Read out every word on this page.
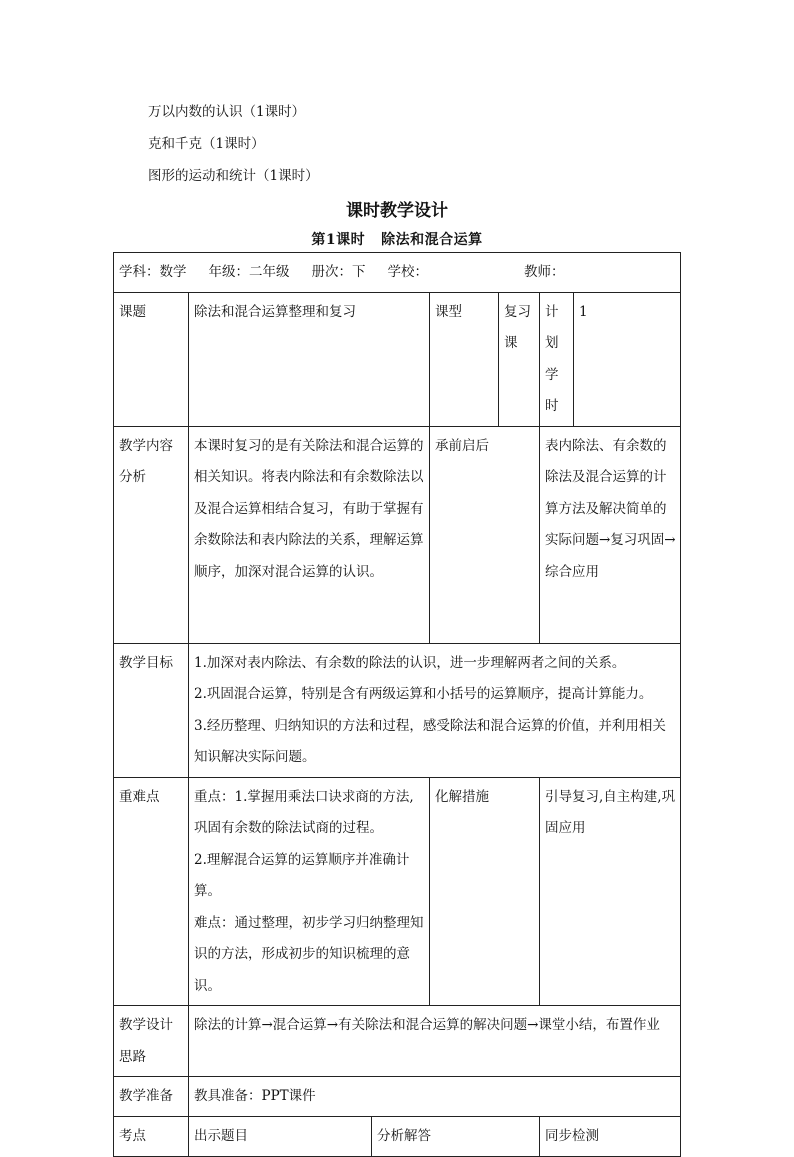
万以内数的认识（1课时）
克和千克（1课时）
图形的运动和统计（1课时）
课时教学设计
第1课时 除法和混合运算
学科：数学 年级：二年级 册次：下 学校： 教师：						
课题	除法和混合运算整理和复习		课型	复习课	计划学时	1
教学内容分析	本课时复习的是有关除法和混合运算的相关知识。将表内除法和有余数除法以及混合运算相结合复习，有助于掌握有余数除法和表内除法的关系，理解运算顺序，加深对混合运算的认识。		承前启后		表内除法、有余数的除法及混合运算的计算方法及解决简单的实际问题→复习巩固→综合应用	
教学目标	1.加深对表内除法、有余数的除法的认识，进一步理解两者之间的关系。
2.巩固混合运算，特别是含有两级运算和小括号的运算顺序，提高计算能力。
3.经历整理、归纳知识的方法和过程，感受除法和混合运算的价值，并利用相关知识解决实际问题。					

重难点	重点：1.掌握用乘法口诀求商的方法,巩固有余数的除法试商的过程。
2.理解混合运算的运算顺序并准确计算。
难点：通过整理，初步学习归纳整理知识的方法，形成初步的知识梳理的意识。		化解措施		引导复习,自主构建,巩固应用	
教学设计思路	除法的计算→混合运算→有关除法和混合运算的解决问题→课堂小结，布置作业					
教学准备	教具准备：PPT课件					
考点	出示题目	分析解答			同步检测	
